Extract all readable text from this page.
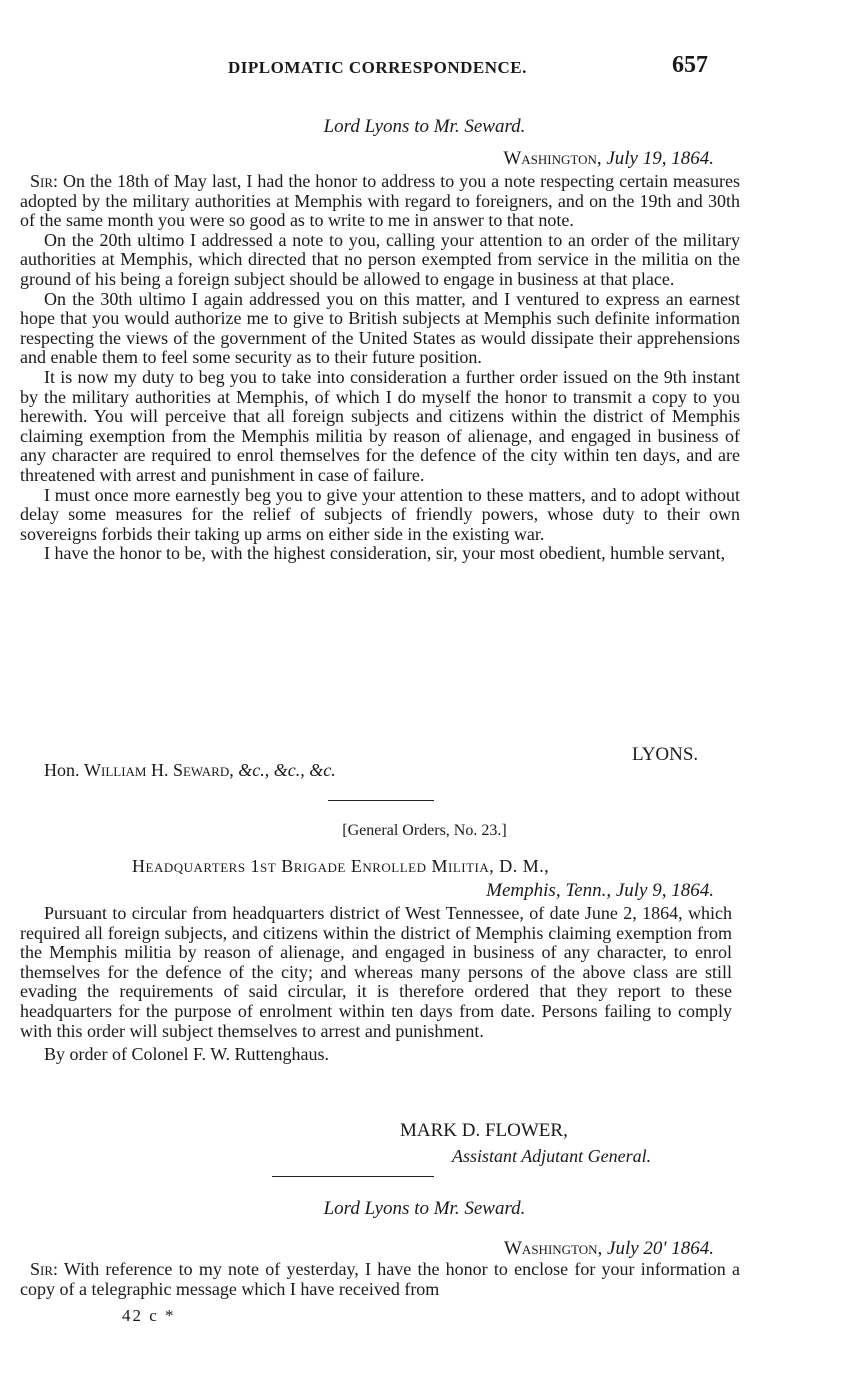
DIPLOMATIC CORRESPONDENCE.	657
Lord Lyons to Mr. Seward.
Washington, July 19, 1864.

Sir: On the 18th of May last, I had the honor to address to you a note respecting certain measures adopted by the military authorities at Memphis with regard to foreigners, and on the 19th and 30th of the same month you were so good as to write to me in answer to that note.

On the 20th ultimo I addressed a note to you, calling your attention to an order of the military authorities at Memphis, which directed that no person exempted from service in the militia on the ground of his being a foreign subject should be allowed to engage in business at that place.

On the 30th ultimo I again addressed you on this matter, and I ventured to express an earnest hope that you would authorize me to give to British subjects at Memphis such definite information respecting the views of the government of the United States as would dissipate their apprehensions and enable them to feel some security as to their future position.

It is now my duty to beg you to take into consideration a further order issued on the 9th instant by the military authorities at Memphis, of which I do myself the honor to transmit a copy to you herewith. You will perceive that all foreign subjects and citizens within the district of Memphis claiming exemption from the Memphis militia by reason of alienage, and engaged in business of any character are required to enrol themselves for the defence of the city within ten days, and are threatened with arrest and punishment in case of failure.

I must once more earnestly beg you to give your attention to these matters, and to adopt without delay some measures for the relief of subjects of friendly powers, whose duty to their own sovereigns forbids their taking up arms on either side in the existing war.

I have the honor to be, with the highest consideration, sir, your most obedient, humble servant,

LYONS.
Hon. William H. Seward, &c., &c., &c.
[General Orders, No. 23.]
Headquarters 1st Brigade Enrolled Militia, D. M.,
Memphis, Tenn., July 9, 1864.

Pursuant to circular from headquarters district of West Tennessee, of date June 2, 1864, which required all foreign subjects, and citizens within the district of Memphis claiming exemption from the Memphis militia by reason of alienage, and engaged in business of any character, to enrol themselves for the defence of the city; and whereas many persons of the above class are still evading the requirements of said circular, it is therefore ordered that they report to these headquarters for the purpose of enrolment within ten days from date. Persons failing to comply with this order will subject themselves to arrest and punishment.

By order of Colonel F. W. Ruttenghaus.

MARK D. FLOWER,
Assistant Adjutant General.
Lord Lyons to Mr. Seward.
Washington, July 20' 1864.

Sir: With reference to my note of yesterday, I have the honor to enclose for your information a copy of a telegraphic message which I have received from

42 c *
